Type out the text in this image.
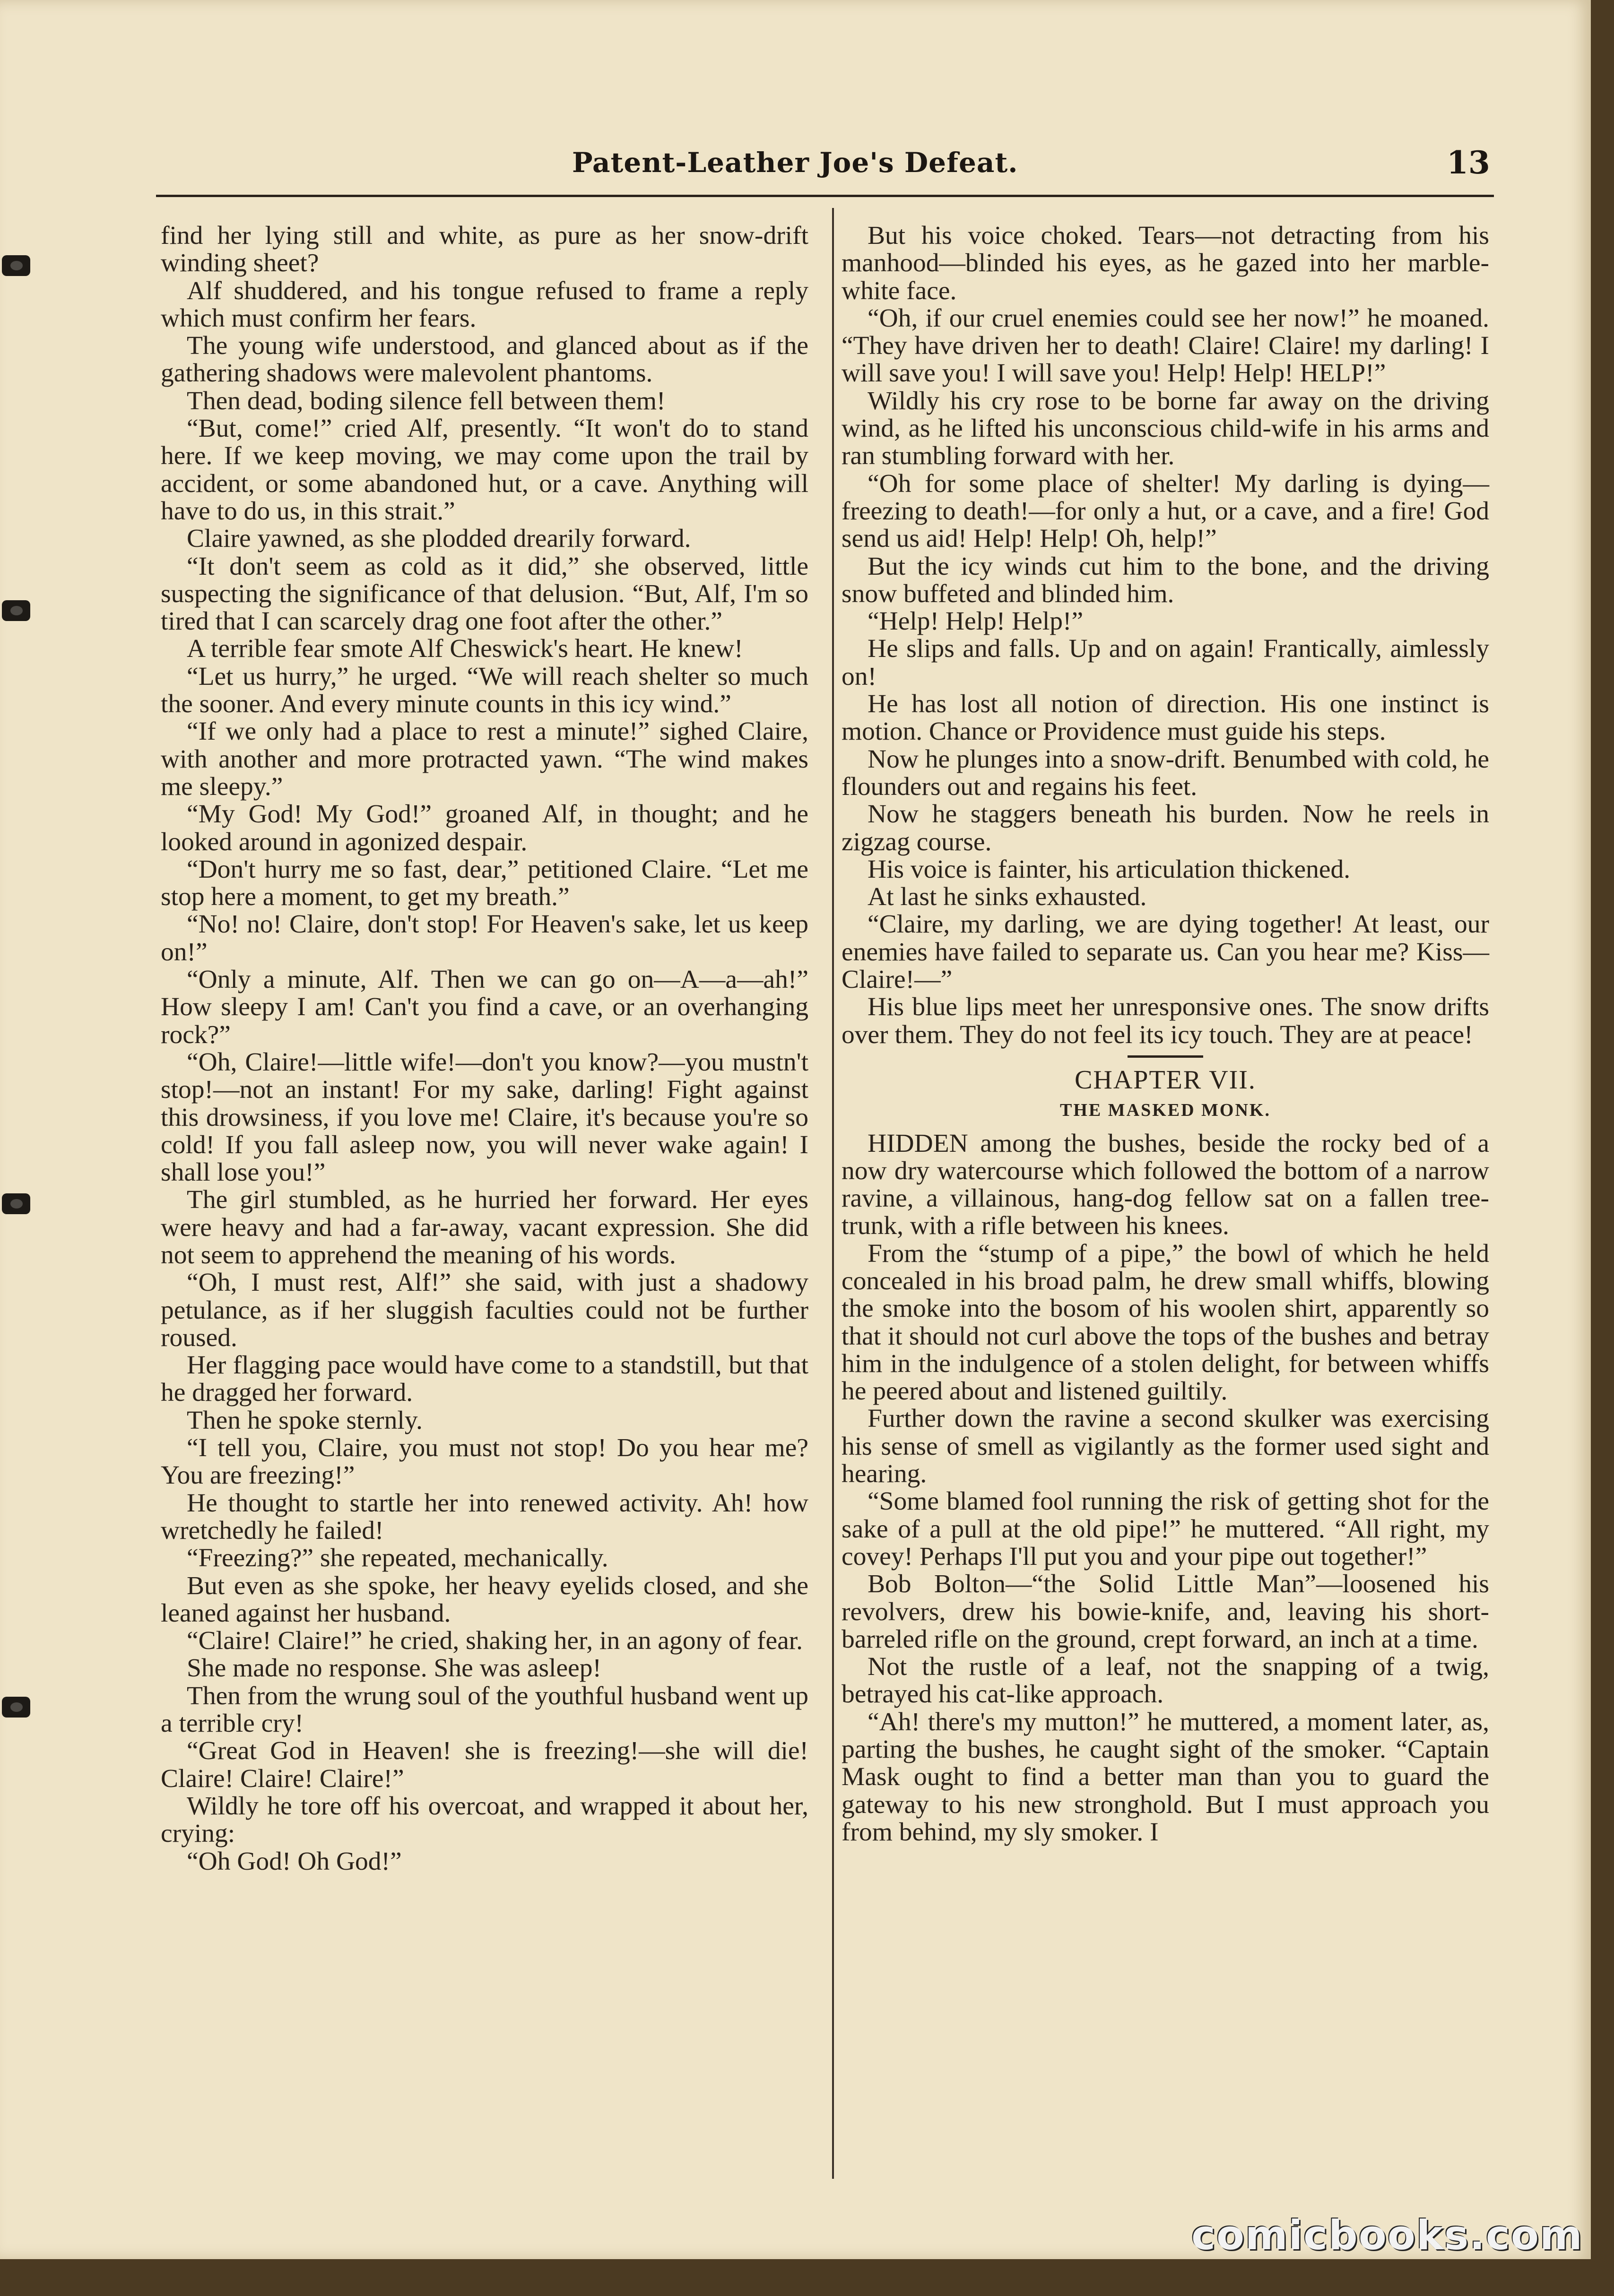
Patent-Leather Joe's Defeat.	13

find her lying still and white, as pure as her snow-drift winding sheet?

Alf shuddered, and his tongue refused to frame a reply which must confirm her fears.

The young wife understood, and glanced about as if the gathering shadows were malevolent phantoms.

Then dead, boding silence fell between them!

“But, come!” cried Alf, presently. “It won't do to stand here. If we keep moving, we may come upon the trail by accident, or some abandoned hut, or a cave. Anything will have to do us, in this strait.”

Claire yawned, as she plodded drearily forward.

“It don't seem as cold as it did,” she observed, little suspecting the significance of that delusion. “But, Alf, I'm so tired that I can scarcely drag one foot after the other.”

A terrible fear smote Alf Cheswick's heart. He knew!

“Let us hurry,” he urged. “We will reach shelter so much the sooner. And every minute counts in this icy wind.”

“If we only had a place to rest a minute!” sighed Claire, with another and more protracted yawn. “The wind makes me sleepy.”

“My God! My God!” groaned Alf, in thought; and he looked around in agonized despair.

“Don't hurry me so fast, dear,” petitioned Claire. “Let me stop here a moment, to get my breath.”

“No! no! Claire, don't stop! For Heaven's sake, let us keep on!”

“Only a minute, Alf. Then we can go on—A—a—ah!” How sleepy I am! Can't you find a cave, or an overhanging rock?”

“Oh, Claire!—little wife!—don't you know?—you mustn't stop!—not an instant! For my sake, darling! Fight against this drowsiness, if you love me! Claire, it's because you're so cold! If you fall asleep now, you will never wake again! I shall lose you!”

The girl stumbled, as he hurried her forward. Her eyes were heavy and had a far-away, vacant expression. She did not seem to apprehend the meaning of his words.

“Oh, I must rest, Alf!” she said, with just a shadowy petulance, as if her sluggish faculties could not be further roused.

Her flagging pace would have come to a standstill, but that he dragged her forward.

Then he spoke sternly.

“I tell you, Claire, you must not stop! Do you hear me? You are freezing!”

He thought to startle her into renewed activity. Ah! how wretchedly he failed!

“Freezing?” she repeated, mechanically.

But even as she spoke, her heavy eyelids closed, and she leaned against her husband.

“Claire! Claire!” he cried, shaking her, in an agony of fear.

She made no response. She was asleep!

Then from the wrung soul of the youthful husband went up a terrible cry!

“Great God in Heaven! she is freezing!—she will die! Claire! Claire! Claire!”

Wildly he tore off his overcoat, and wrapped it about her, crying:

“Oh God! Oh God!”

But his voice choked. Tears—not detracting from his manhood—blinded his eyes, as he gazed into her marble-white face.

“Oh, if our cruel enemies could see her now!” he moaned. “They have driven her to death! Claire! Claire! my darling! I will save you! I will save you! Help! Help! HELP!”

Wildly his cry rose to be borne far away on the driving wind, as he lifted his unconscious child-wife in his arms and ran stumbling forward with her.

“Oh for some place of shelter! My darling is dying—freezing to death!—for only a hut, or a cave, and a fire! God send us aid! Help! Help! Oh, help!”

But the icy winds cut him to the bone, and the driving snow buffeted and blinded him.

“Help! Help! Help!”

He slips and falls. Up and on again! Frantically, aimlessly on!

He has lost all notion of direction. His one instinct is motion. Chance or Providence must guide his steps.

Now he plunges into a snow-drift. Benumbed with cold, he flounders out and regains his feet.

Now he staggers beneath his burden. Now he reels in zigzag course.

His voice is fainter, his articulation thickened.

At last he sinks exhausted.

“Claire, my darling, we are dying together! At least, our enemies have failed to separate us. Can you hear me? Kiss— Claire!—”

His blue lips meet her unresponsive ones. The snow drifts over them. They do not feel its icy touch. They are at peace!

CHAPTER VII.
THE MASKED MONK.

HIDDEN among the bushes, beside the rocky bed of a now dry watercourse which followed the bottom of a narrow ravine, a villainous, hang-dog fellow sat on a fallen tree-trunk, with a rifle between his knees.

From the “stump of a pipe,” the bowl of which he held concealed in his broad palm, he drew small whiffs, blowing the smoke into the bosom of his woolen shirt, apparently so that it should not curl above the tops of the bushes and betray him in the indulgence of a stolen delight, for between whiffs he peered about and listened guiltily.

Further down the ravine a second skulker was exercising his sense of smell as vigilantly as the former used sight and hearing.

“Some blamed fool running the risk of getting shot for the sake of a pull at the old pipe!” he muttered. “All right, my covey! Perhaps I'll put you and your pipe out together!”

Bob Bolton—“the Solid Little Man”—loosened his revolvers, drew his bowie-knife, and, leaving his short-barreled rifle on the ground, crept forward, an inch at a time.

Not the rustle of a leaf, not the snapping of a twig, betrayed his cat-like approach.

“Ah! there's my mutton!” he muttered, a moment later, as, parting the bushes, he caught sight of the smoker. “Captain Mask ought to find a better man than you to guard the gateway to his new stronghold. But I must approach you from behind, my sly smoker. I

comicbooks.com
